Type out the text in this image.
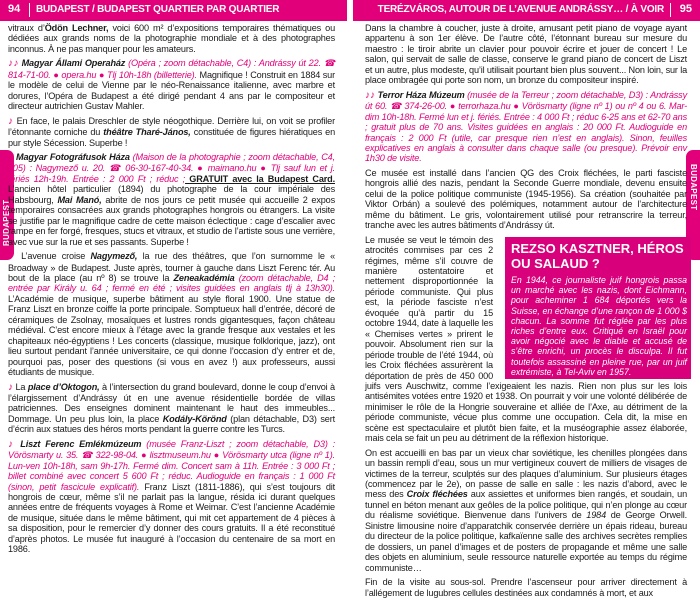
94 BUDAPEST / BUDAPEST QUARTIER PAR QUARTIER	TERÉZVÁROS, AUTOUR DE L’AVENUE ANDRÁSSY… / À VOIR 95
BUDAPEST
BUDAPEST

vitraux d’Ödön Lechner, voici 600 m² d’expositions temporaires thématiques ou dédiées aux grands noms de la photographie mondiale et à des photographes inconnus. À ne pas manquer pour les amateurs.

♪♪ Magyar Állami Operaház (Opéra ; zoom détachable, C4) : Andrássy út 22. ☎ 814-71-00. ● opera.hu ● Tlj 10h-18h (billetterie). Magnifique ! Construit en 1884 sur le modèle de celui de Vienne par le néo-Renaissance italienne, avec marbre et dorures, l’Opéra de Budapest a été dirigé pendant 4 ans par le compositeur et directeur autrichien Gustav Mahler.

♪ En face, le palais Dreschler de style néogothique. Derrière lui, on voit se profiler l’étonnante corniche du théâtre Tharé-János, constituée de figures hiératiques en pur style Sécession. Superbe !

♪ Magyar Fotográfusok Háza (Maison de la photographie ; zoom détachable, C4, 305) : Nagymező u. 20. ☎ 06-30-167-40-34. ● maimano.hu ● Tlj sauf lun et j. fériés 12h-19h. Entrée : 2 000 Ft ; réduc ; GRATUIT avec la Budapest Card. L’ancien hôtel particulier (1894) du photographe de la cour impériale des Habsbourg, Mai Manó, abrite de nos jours ce petit musée qui accueille 2 expos temporaires consacrées aux grands photographes hongrois ou étrangers. La visite se justifie par le magnifique cadre de cette maison éclectique : cage d’escalier avec rampe en fer forgé, fresques, stucs et vitraux, et studio de l’artiste sous une verrière, avec vue sur la rue et ses passants. Superbe !

♪ L’avenue croise Nagymező, la rue des théâtres, que l’on surnomme le « Broadway » de Budapest. Juste après, tourner à gauche dans Liszt Ferenc tér. Au bout de la place (au nº 8) se trouve la Zeneakadémia (zoom détachable, D4 ; entrée par Király u. 64 ; fermé en été ; visites guidées en anglais tlj à 13h30). L’Académie de musique, superbe bâtiment au style floral 1900. Une statue de Franz Liszt en bronze coiffe la porte principale. Somptueux hall d’entrée, décoré de céramiques de Zsolnay, mosaïques et lustres ronds gigantesques, façon château médiéval. C’est encore mieux à l’étage avec la grande fresque aux vestales et les chapiteaux néo-égyptiens ! Les concerts (classique, musique folklorique, jazz), ont lieu surtout pendant l’année universitaire, ce qui donne l’occasion d’y entrer et de, pourquoi pas, poser des questions (si vous en avez !) aux professeurs, aussi étudiants de musique.

♪ La place d’Oktogon, à l’intersection du grand boulevard, donne le coup d’envoi à l’élargissement d’Andrássy út en une avenue résidentielle bordée de villas patriciennes. Des enseignes dominent maintenant le haut des immeubles... Dommage. Un peu plus loin, la place Kodály-Körönd (plan détachable, D3) sert d’écrin aux statues des héros morts pendant la guerre contre les Turcs.

♪ Liszt Ferenc Emlékmúzeum (musée Franz-Liszt ; zoom détachable, D3) : Vörösmarty u. 35. ☎ 322-98-04. ● lisztmuseum.hu ● Vörösmarty utca (ligne nº 1). Lun-ven 10h-18h, sam 9h-17h. Fermé dim. Concert sam à 11h. Entrée : 3 000 Ft ; billet combiné avec concert 5 600 Ft ; réduc. Audioguide en français : 1 000 Ft (sinon, petit fascicule explicatif). Franz Liszt (1811-1886), qui s’est toujours dit hongrois de cœur, même s’il ne parlait pas la langue, résida ici durant quelques années entre de fréquents voyages à Rome et Weimar. C’est l’ancienne Académie de musique, située dans le même bâtiment, qui mit cet appartement de 4 pièces à sa disposition, pour le remercier d’y donner des cours gratuits. Il a été reconstitué d’après photos. Le musée fut inauguré à l’occasion du centenaire de sa mort en 1986.

Dans la chambre à coucher, juste à droite, amusant petit piano de voyage ayant appartenu à son 1er élève. De l’autre côté, l’étonnant bureau sur mesure du maestro : le tiroir abrite un clavier pour pouvoir écrire et jouer de concert ! Le salon, qui servait de salle de classe, conserve le grand piano de concert de Liszt et un autre, plus modeste, qu’il utilisait pourtant bien plus souvent... Non loin, sur la place ombragée qui porte son nom, un bronze du compositeur inspiré.

♪♪ Terror Háza Múzeum (musée de la Terreur ; zoom détachable, D3) : Andrássy út 60. ☎ 374-26-00. ● terrorhaza.hu ● Vörösmarty (ligne nº 1) ou nº 4 ou 6. Mar-dim 10h-18h. Fermé lun et j. fériés. Entrée : 4 000 Ft ; réduc 6-25 ans et 62-70 ans ; gratuit plus de 70 ans. Visites guidées en anglais : 20 000 Ft. Audioguide en français : 2 000 Ft (utile, car presque rien n’est en anglais). Sinon, feuilles explicatives en anglais à consulter dans chaque salle (ou presque). Prévoir env 1h30 de visite.

Ce musée est installé dans l’ancien QG des Croix fléchées, le parti fasciste hongrois allié des nazis, pendant la Seconde Guerre mondiale, devenu ensuite celui de la police politique communiste (1945-1956). Sa création (souhaitée par Viktor Orbán) a soulevé des polémiques, notamment autour de l’architecture même du bâtiment. Le gris, volontairement utilisé pour retranscrire la terreur, tranche avec les autres bâtiments d’Andrássy út.

Le musée se veut le témoin des atrocités commises par ces 2 régimes, même s’il couvre de manière ostentatoire et nettement disproportionnée la période communiste. Qui plus est, la période fasciste n’est évoquée qu’à partir du 15 octobre 1944, date à laquelle les « Chemises vertes » prirent le pouvoir. Absolument rien sur la période trouble de l’été 1944, où les Croix fléchées assurèrent la déportation de près de 450 000 juifs vers Auschwitz, comme l’exigeaient les nazis. Rien non plus sur les lois antisémites votées entre 1920 et 1938. On pourrait y voir une volonté délibérée de minimiser le rôle de la Hongrie souveraine et alliée de l’Axe, au détriment de la période communiste, vécue plus comme une occupation. Cela dit, la mise en scène est spectaculaire et plutôt bien faite, et la muséographie assez élaborée, mais cela se fait un peu au détriment de la réflexion historique.

On est accueilli en bas par un vieux char soviétique, les chenilles plongées dans un bassin rempli d’eau, sous un mur vertigineux couvert de milliers de visages de victimes de la terreur, sculptés sur des plaques d’aluminium. Sur plusieurs étages (commencez par le 2e), on passe de salle en salle : les nazis d’abord, avec le mess des Croix fléchées aux assiettes et uniformes bien rangés, et soudain, un tunnel en béton menant aux geôles de la police politique, qui n’en plonge au cœur du réalisme soviétique. Bienvenue dans l’univers de 1984 de George Orwell. Sinistre limousine noire d’apparatchik conservée derrière un épais rideau, bureau du directeur de la police politique, kafkaïenne salle des archives secrètes remplies de dossiers, un panel d’images et de posters de propagande et même une salle des objets en aluminium, seule ressource naturelle exportée au temps du régime communiste…

Fin de la visite au sous-sol. Prendre l’ascenseur pour arriver directement à l’allégement de lugubres cellules destinées aux condamnés à mort, et aux

REZSO KASZTNER, HÉROS OU SALAUD ?
En 1944, ce journaliste juif hongrois passa un marché avec les nazis, dont Eichmann, pour acheminer 1 684 déportés vers la Suisse, en échange d’une rançon de 1 000 $ chacun. La somme fut réglée par les plus riches d’entre eux. Critiqué en Israël pour avoir négocié avec le diable et accusé de s’être enrichi, un procès le disculpa. Il fut toutefois assassiné en pleine rue, par un juif extrémiste, à Tel-Aviv en 1957.
